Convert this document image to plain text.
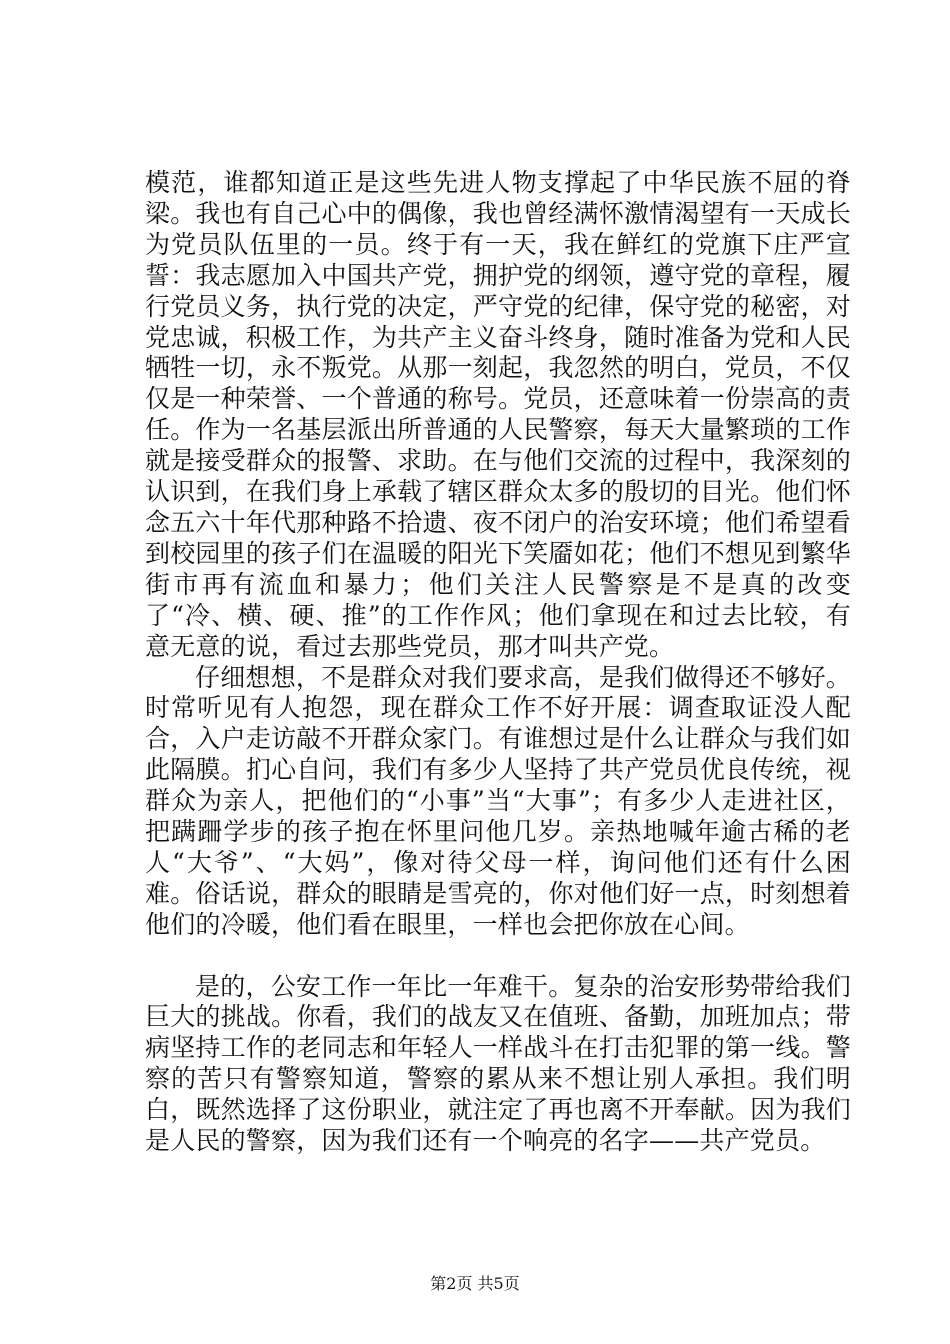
模范，谁都知道正是这些先进人物支撑起了中华民族不屈的脊梁。我也有自己心中的偶像，我也曾经满怀激情渴望有一天成长为党员队伍里的一员。终于有一天，我在鲜红的党旗下庄严宣誓：我志愿加入中国共产党，拥护党的纲领，遵守党的章程，履行党员义务，执行党的决定，严守党的纪律，保守党的秘密，对党忠诚，积极工作，为共产主义奋斗终身，随时准备为党和人民牺牲一切，永不叛党。从那一刻起，我忽然的明白，党员，不仅仅是一种荣誉、一个普通的称号。党员，还意味着一份崇高的责任。作为一名基层派出所普通的人民警察，每天大量繁琐的工作就是接受群众的报警、求助。在与他们交流的过程中，我深刻的认识到，在我们身上承载了辖区群众太多的殷切的目光。他们怀念五六十年代那种路不拾遗、夜不闭户的治安环境；他们希望看到校园里的孩子们在温暖的阳光下笑靥如花；他们不想见到繁华街市再有流血和暴力；他们关注人民警察是不是真的改变了“冷、横、硬、推”的工作作风；他们拿现在和过去比较，有意无意的说，看过去那些党员，那才叫共产党。

仔细想想，不是群众对我们要求高，是我们做得还不够好。时常听见有人抱怨，现在群众工作不好开展：调查取证没人配合，入户走访敲不开群众家门。有谁想过是什么让群众与我们如此隔膜。扪心自问，我们有多少人坚持了共产党员优良传统，视群众为亲人，把他们的“小事”当“大事”；有多少人走进社区，把蹒跚学步的孩子抱在怀里问他几岁。亲热地喊年逾古稀的老人“大爷”、“大妈”，像对待父母一样，询问他们还有什么困难。俗话说，群众的眼睛是雪亮的，你对他们好一点，时刻想着他们的冷暖，他们看在眼里，一样也会把你放在心间。

是的，公安工作一年比一年难干。复杂的治安形势带给我们巨大的挑战。你看，我们的战友又在值班、备勤，加班加点；带病坚持工作的老同志和年轻人一样战斗在打击犯罪的第一线。警察的苦只有警察知道，警察的累从来不想让别人承担。我们明白，既然选择了这份职业，就注定了再也离不开奉献。因为我们是人民的警察，因为我们还有一个响亮的名字——共产党员。

第2页 共5页
